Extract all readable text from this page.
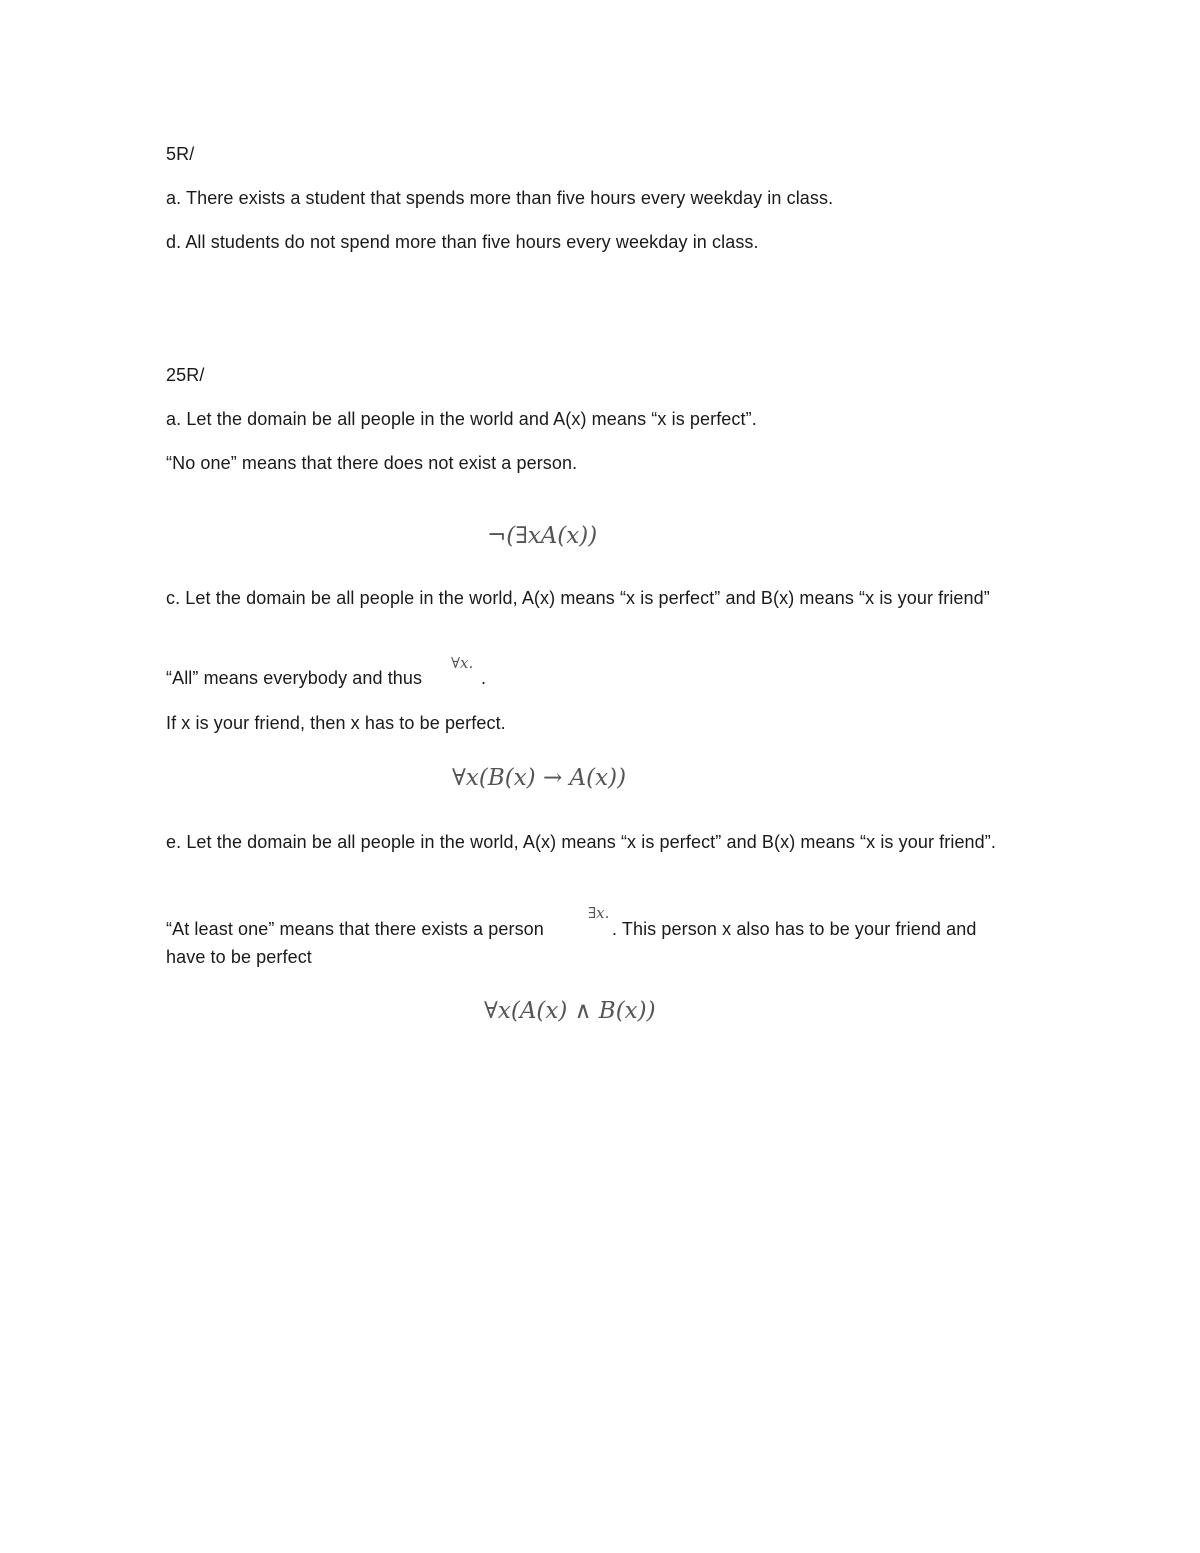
5R/
a. There exists a student that spends more than five hours every weekday in class.
d. All students do not spend more than five hours every weekday in class.
25R/
a. Let the domain be all people in the world and A(x) means “x is perfect”.
“No one” means that there does not exist a person.
¬(∃xA(x))
c. Let the domain be all people in the world, A(x) means “x is perfect” and B(x) means “x is your friend”
“All” means everybody and thus
∀x.
.
If x is your friend, then x has to be perfect.
∀x(B(x) → A(x))
e. Let the domain be all people in the world, A(x) means “x is perfect” and B(x) means “x is your friend”.
“At least one” means that there exists a person
∃x.
. This person x also has to be your friend and
∀x(A(x) ∧ B(x))
have to be perfect
